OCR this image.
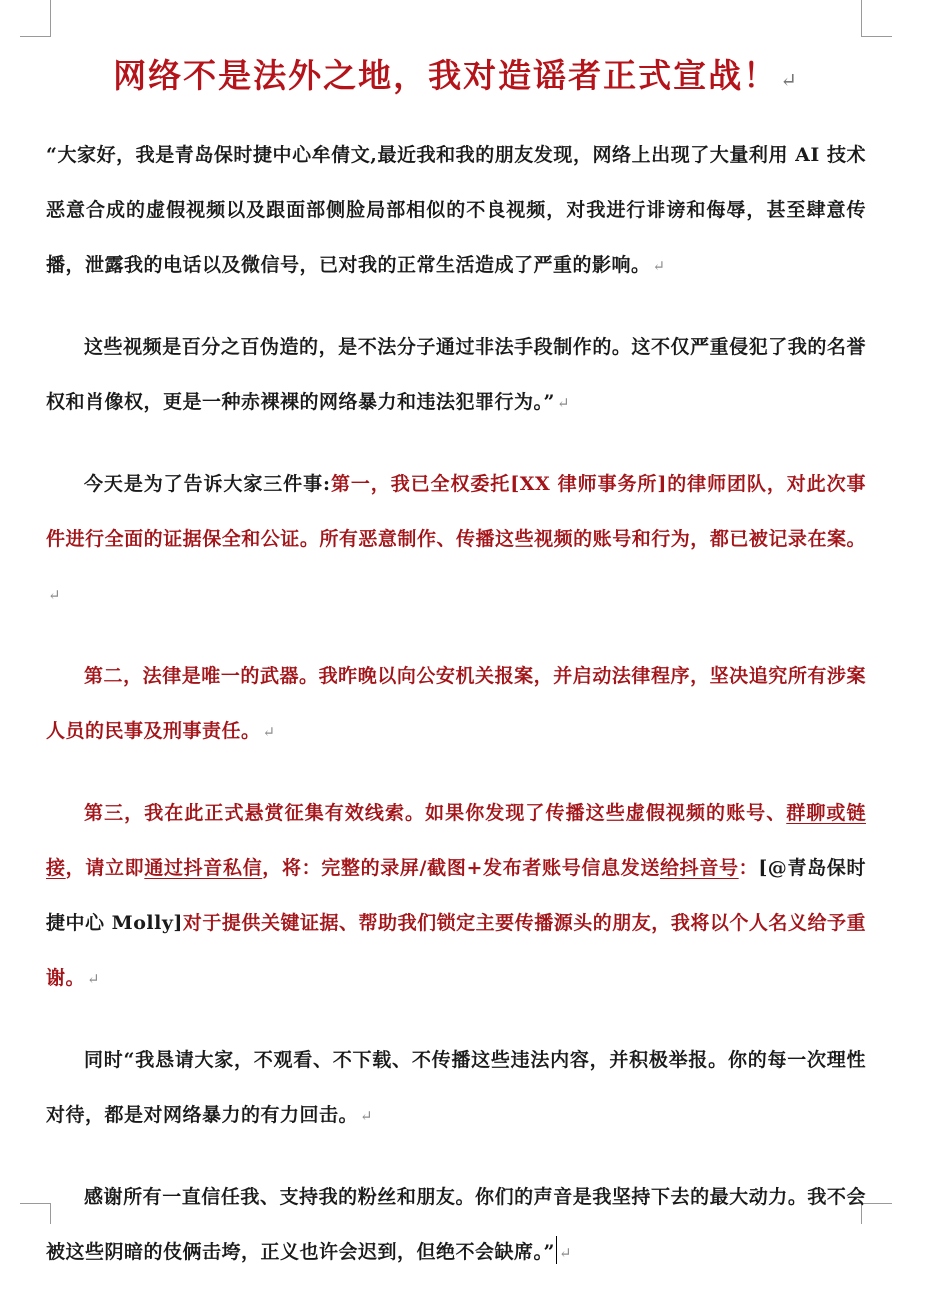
网络不是法外之地，我对造谣者正式宣战！ ↵

“大家好，我是青岛保时捷中心牟倩文,最近我和我的朋友发现，网络上出现了大量利用 AI 技术恶意合成的虚假视频以及跟面部侧脸局部相似的不良视频，对我进行诽谤和侮辱，甚至肆意传播，泄露我的电话以及微信号，已对我的正常生活造成了严重的影响。 ↵

这些视频是百分之百伪造的，是不法分子通过非法手段制作的。这不仅严重侵犯了我的名誉权和肖像权，更是一种赤裸裸的网络暴力和违法犯罪行为。” ↵

今天是为了告诉大家三件事:第一，我已全权委托[XX 律师事务所]的律师团队，对此次事件进行全面的证据保全和公证。所有恶意制作、传播这些视频的账号和行为，都已被记录在案。↵

第二，法律是唯一的武器。我昨晚以向公安机关报案，并启动法律程序，坚决追究所有涉案人员的民事及刑事责任。 ↵

第三，我在此正式悬赏征集有效线索。如果你发现了传播这些虚假视频的账号、群聊或链接，请立即通过抖音私信，将：完整的录屏/截图+发布者账号信息发送给抖音号：[@青岛保时捷中心 Molly]对于提供关键证据、帮助我们锁定主要传播源头的朋友，我将以个人名义给予重谢。 ↵

同时“我恳请大家，不观看、不下载、不传播这些违法内容，并积极举报。你的每一次理性对待，都是对网络暴力的有力回击。 ↵

感谢所有一直信任我、支持我的粉丝和朋友。你们的声音是我坚持下去的最大动力。我不会被这些阴暗的伎俩击垮，正义也许会迟到，但绝不会缺席。” ↵
